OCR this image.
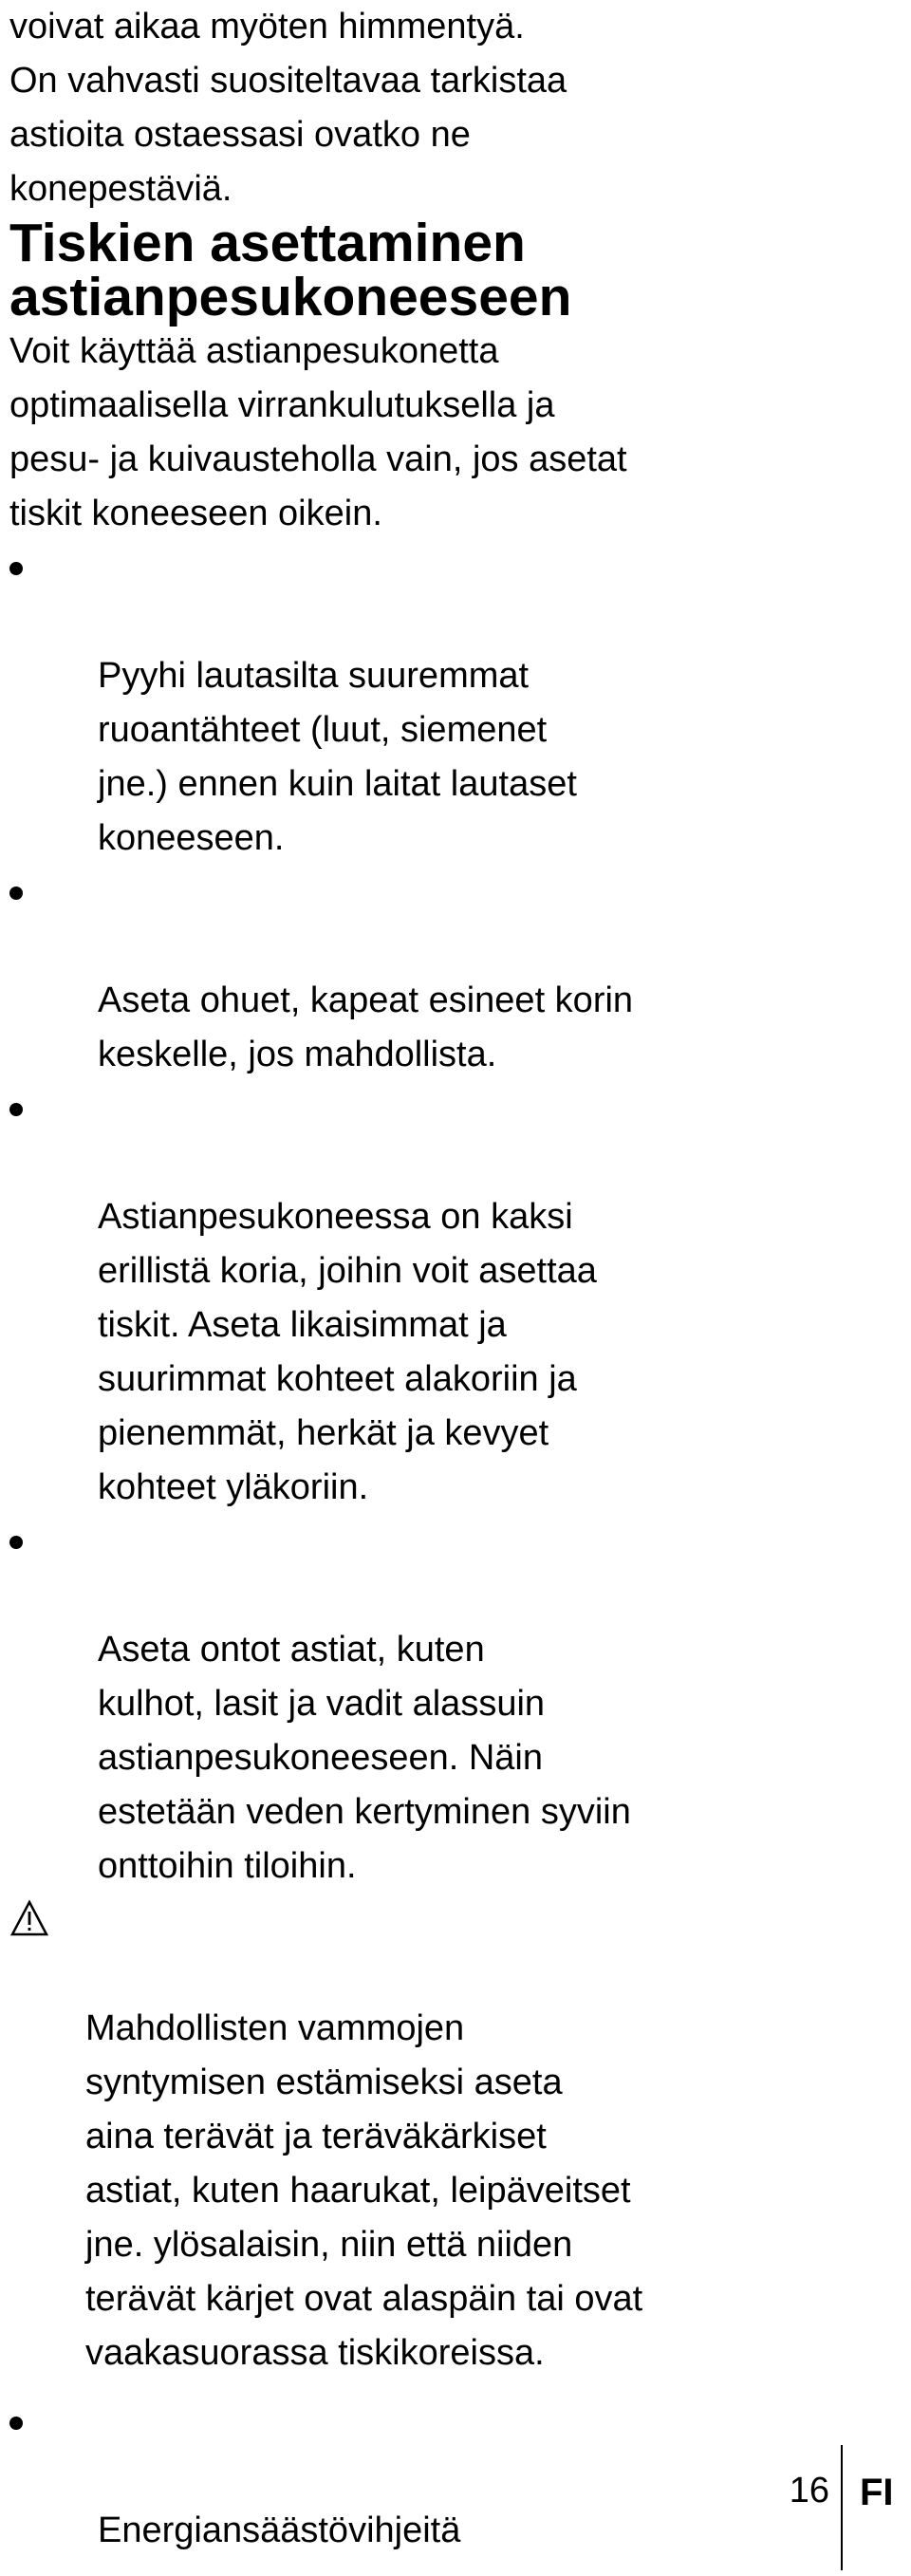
voivat aikaa myöten himmentyä.
On vahvasti suositeltavaa tarkistaa
astioita ostaessasi ovatko ne
konepestäviä.

Tiskien asettaminen
astianpesukoneeseen

Voit käyttää astianpesukonetta
optimaalisella virrankulutuksella ja
pesu- ja kuivausteholla vain, jos asetat
tiskit koneeseen oikein.

Pyyhi lautasilta suuremmat
ruoantähteet (luut, siemenet
jne.) ennen kuin laitat lautaset
koneeseen.

Aseta ohuet, kapeat esineet korin
keskelle, jos mahdollista.

Astianpesukoneessa on kaksi
erillistä koria, joihin voit asettaa
tiskit. Aseta likaisimmat ja
suurimmat kohteet alakoriin ja
pienemmät, herkät ja kevyet
kohteet yläkoriin.

Aseta ontot astiat, kuten
kulhot, lasit ja vadit alassuin
astianpesukoneeseen. Näin
estetään veden kertyminen syviin
onttoihin tiloihin.

Mahdollisten vammojen
syntymisen estämiseksi aseta
aina terävät ja teräväkärkiset
astiat, kuten haarukat, leipäveitset
jne. ylösalaisin, niin että niiden
terävät kärjet ovat alaspäin tai ovat
vaakasuorassa tiskikoreissa.

Energiansäästövihjeitä

16 FI
